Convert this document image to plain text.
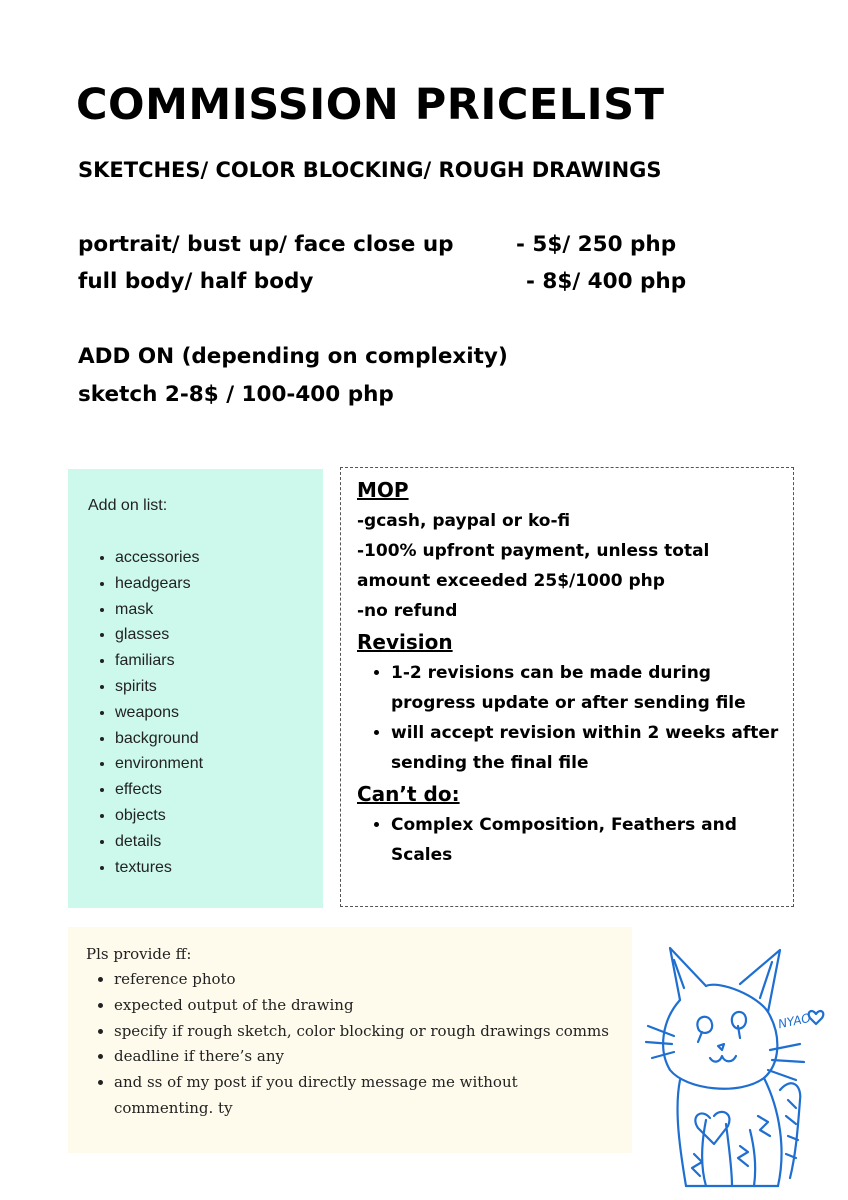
COMMISSION PRICELIST
SKETCHES/ COLOR BLOCKING/ ROUGH DRAWINGS
portrait/ bust up/ face close up	- 5$/ 250 php
full body/ half body	- 8$/ 400 php
ADD ON (depending on complexity)
sketch 2-8$ / 100-400 php
Add on list:
• accessories
• headgears
• mask
• glasses
• familiars
• spirits
• weapons
• background
• environment
• effects
• objects
• details
• textures
MOP
-gcash, paypal or ko-fi
-100% upfront payment, unless total amount exceeded 25$/1000 php
-no refund
Revision
• 1-2 revisions can be made during progress update or after sending file
• will accept revision within 2 weeks after sending the final file
Can’t do:
• Complex Composition, Feathers and Scales
Pls provide ff:
• reference photo
• expected output of the drawing
• specify if rough sketch, color blocking or rough drawings comms
• deadline if there’s any
• and ss of my post if you directly message me without commenting. ty
NYAO
